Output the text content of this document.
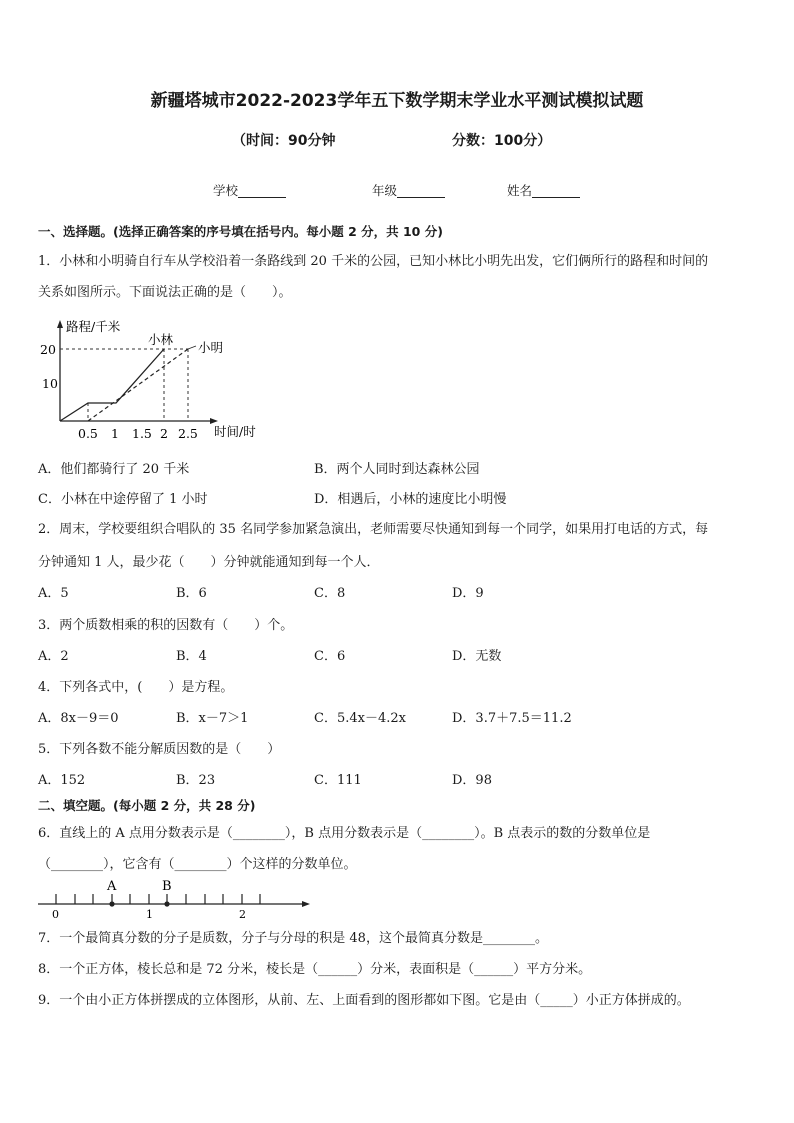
新疆塔城市2022-2023学年五下数学期末学业水平测试模拟试题
（时间：90分钟	分数：100分）
学校	年级	姓名
一、选择题。(选择正确答案的序号填在括号内。每小题 2 分，共 10 分)
1．小林和小明骑自行车从学校沿着一条路线到 20 千米的公园，已知小林比小明先出发，它们俩所行的路程和时间的
关系如图所示。下面说法正确的是（　　）。
路程/千米
小林
小明
20
10
0.5 1 1.5 2 2.5 时间/时
A．他们都骑行了 20 千米	B．两个人同时到达森林公园
C．小林在中途停留了 1 小时	D．相遇后，小林的速度比小明慢
2．周末，学校要组织合唱队的 35 名同学参加紧急演出，老师需要尽快通知到每一个同学，如果用打电话的方式，每
分钟通知 1 人，最少花（　　）分钟就能通知到每一个人．
A．5	B．6	C．8	D．9
3．两个质数相乘的积的因数有（　　）个。
A．2	B．4	C．6	D．无数
4．下列各式中，(　　）是方程。
A．8x－9＝0	B．x－7＞1	C．5.4x－4.2x	D．3.7＋7.5＝11.2
5．下列各数不能分解质因数的是（　　）
A．152	B．23	C．111	D．98
二、填空题。(每小题 2 分，共 28 分)
6．直线上的 A 点用分数表示是（________），B 点用分数表示是（________）。B 点表示的数的分数单位是
（________），它含有（________）个这样的分数单位。
A	B
0	1	2
7．一个最简真分数的分子是质数，分子与分母的积是 48，这个最简真分数是________。
8．一个正方体，棱长总和是 72 分米，棱长是（______）分米，表面积是（______）平方分米。
9．一个由小正方体拼摆成的立体图形，从前、左、上面看到的图形都如下图。它是由（_____）小正方体拼成的。
